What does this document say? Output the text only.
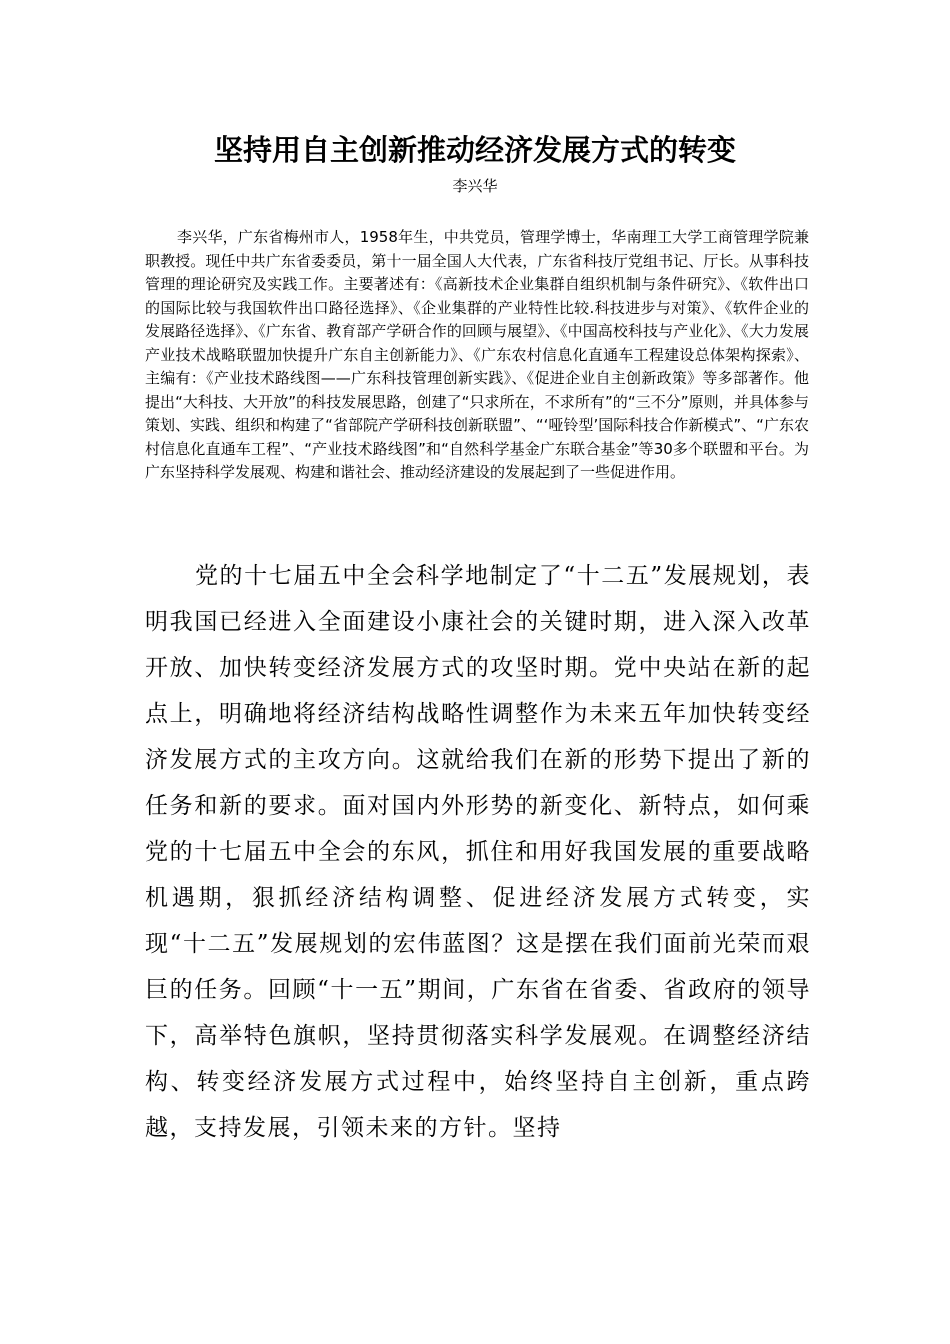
坚持用自主创新推动经济发展方式的转变
李兴华

李兴华，广东省梅州市人，1958年生，中共党员，管理学博士，华南理工大学工商管理学院兼职教授。现任中共广东省委委员，第十一届全国人大代表，广东省科技厅党组书记、厅长。从事科技管理的理论研究及实践工作。主要著述有：《高新技术企业集群自组织机制与条件研究》、《软件出口的国际比较与我国软件出口路径选择》、《企业集群的产业特性比较.科技进步与对策》、《软件企业的发展路径选择》、《广东省、教育部产学研合作的回顾与展望》、《中国高校科技与产业化》、《大力发展产业技术战略联盟加快提升广东自主创新能力》、《广东农村信息化直通车工程建设总体架构探索》、主编有：《产业技术路线图——广东科技管理创新实践》、《促进企业自主创新政策》等多部著作。他提出“大科技、大开放”的科技发展思路，创建了“只求所在，不求所有”的“三不分”原则，并具体参与策划、实践、组织和构建了“省部院产学研科技创新联盟”、“‘哑铃型’国际科技合作新模式”、“广东农村信息化直通车工程”、“产业技术路线图”和“自然科学基金广东联合基金”等30多个联盟和平台。为广东坚持科学发展观、构建和谐社会、推动经济建设的发展起到了一些促进作用。

党的十七届五中全会科学地制定了“十二五”发展规划，表明我国已经进入全面建设小康社会的关键时期，进入深入改革开放、加快转变经济发展方式的攻坚时期。党中央站在新的起点上，明确地将经济结构战略性调整作为未来五年加快转变经济发展方式的主攻方向。这就给我们在新的形势下提出了新的任务和新的要求。面对国内外形势的新变化、新特点，如何乘党的十七届五中全会的东风，抓住和用好我国发展的重要战略机遇期，狠抓经济结构调整、促进经济发展方式转变，实现“十二五”发展规划的宏伟蓝图？这是摆在我们面前光荣而艰巨的任务。回顾“十一五”期间，广东省在省委、省政府的领导下，高举特色旗帜，坚持贯彻落实科学发展观。在调整经济结构、转变经济发展方式过程中，始终坚持自主创新，重点跨越，支持发展，引领未来的方针。坚持
